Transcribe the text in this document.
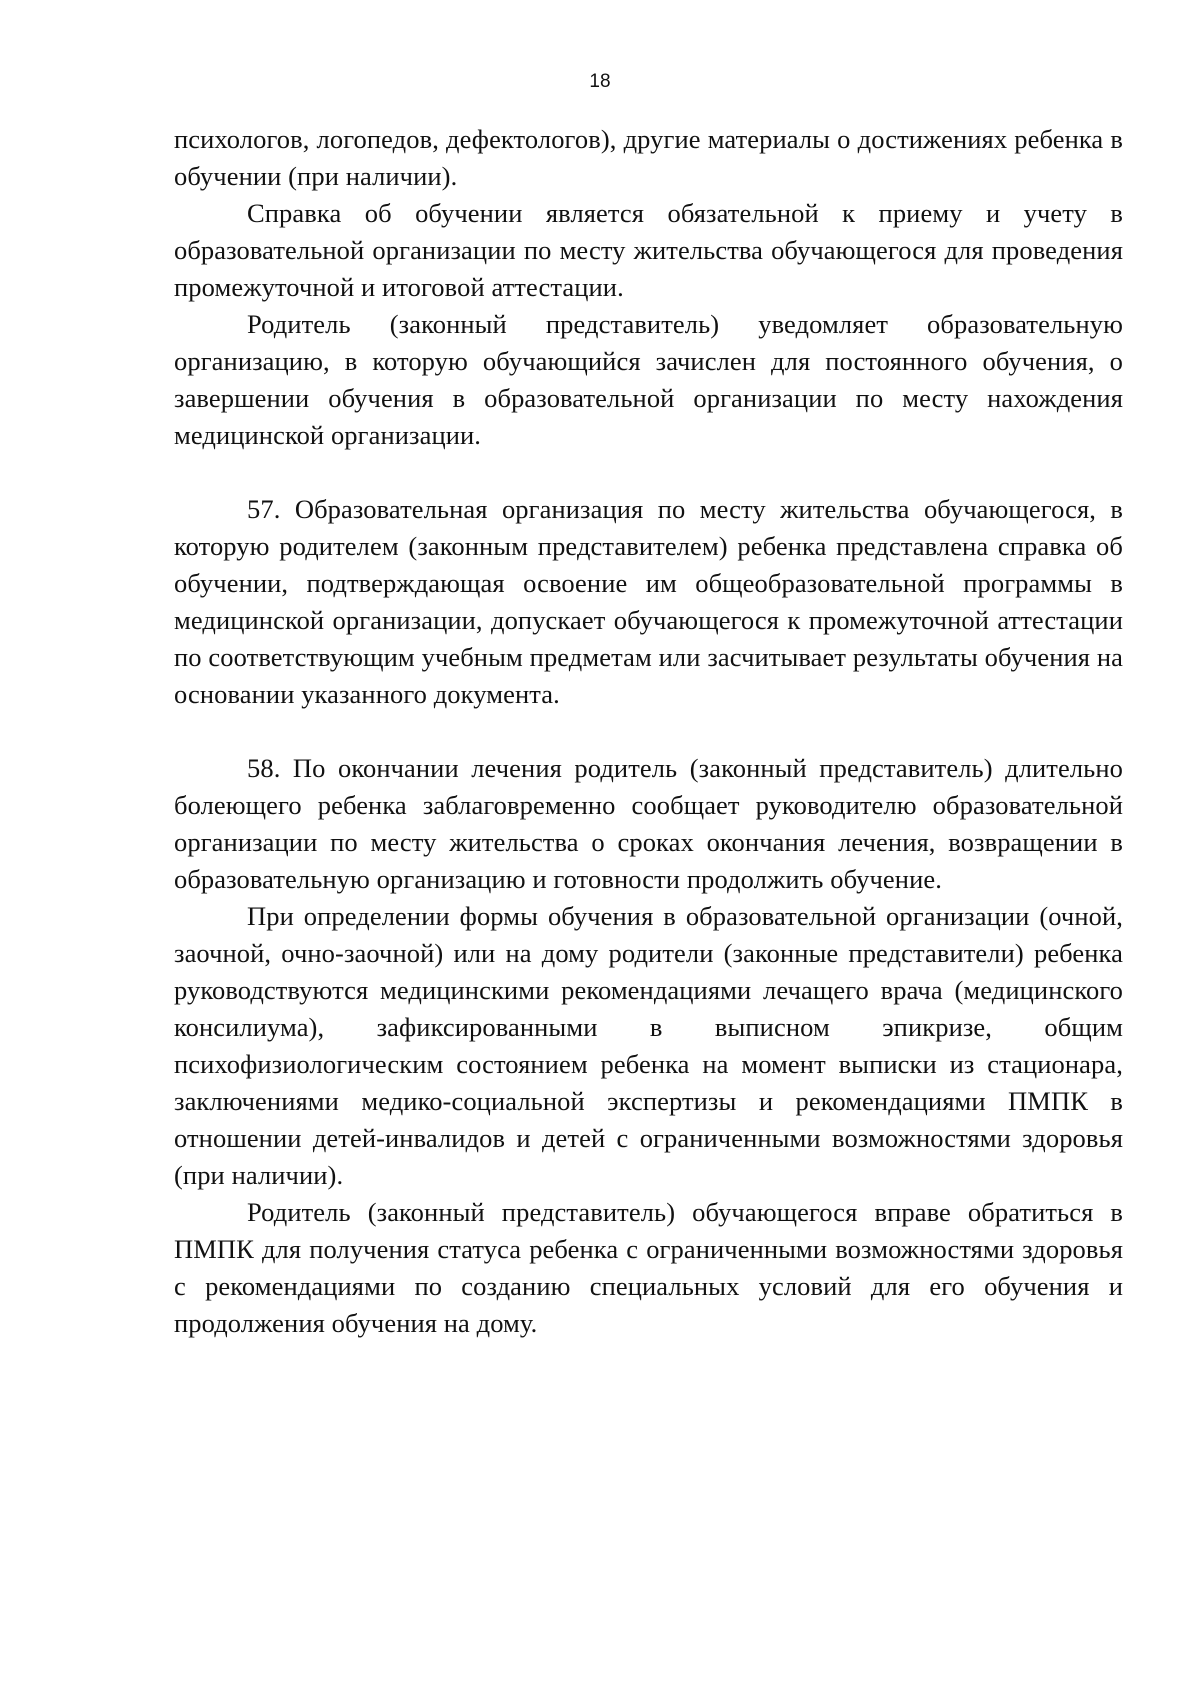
18

психологов, логопедов, дефектологов), другие материалы о достижениях ребенка в обучении (при наличии).

Справка об обучении является обязательной к приему и учету в образовательной организации по месту жительства обучающегося для проведения промежуточной и итоговой аттестации.

Родитель (законный представитель) уведомляет образовательную организацию, в которую обучающийся зачислен для постоянного обучения, о завершении обучения в образовательной организации по месту нахождения медицинской организации.

57. Образовательная организация по месту жительства обучающегося, в которую родителем (законным представителем) ребенка представлена справка об обучении, подтверждающая освоение им общеобразовательной программы в медицинской организации, допускает обучающегося к промежуточной аттестации по соответствующим учебным предметам или засчитывает результаты обучения на основании указанного документа.

58. По окончании лечения родитель (законный представитель) длительно болеющего ребенка заблаговременно сообщает руководителю образовательной организации по месту жительства о сроках окончания лечения, возвращении в образовательную организацию и готовности продолжить обучение.

При определении формы обучения в образовательной организации (очной, заочной, очно-заочной) или на дому родители (законные представители) ребенка руководствуются медицинскими рекомендациями лечащего врача (медицинского консилиума), зафиксированными в выписном эпикризе, общим психофизиологическим состоянием ребенка на момент выписки из стационара, заключениями медико-социальной экспертизы и рекомендациями ПМПК в отношении детей-инвалидов и детей с ограниченными возможностями здоровья (при наличии).

Родитель (законный представитель) обучающегося вправе обратиться в ПМПК для получения статуса ребенка с ограниченными возможностями здоровья с рекомендациями по созданию специальных условий для его обучения и продолжения обучения на дому.
